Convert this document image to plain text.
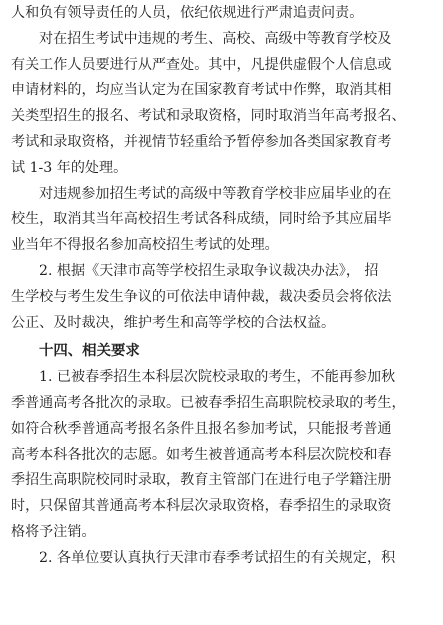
人和负有领导责任的人员，依纪依规进行严肃追责问责。
对在招生考试中违规的考生、高校、高级中等教育学校及
有关工作人员要进行从严查处。其中，凡提供虚假个人信息或
申请材料的，均应当认定为在国家教育考试中作弊，取消其相
关类型招生的报名、考试和录取资格，同时取消当年高考报名、
考试和录取资格，并视情节轻重给予暂停参加各类国家教育考
试 1-3 年的处理。
对违规参加招生考试的高级中等教育学校非应届毕业的在
校生，取消其当年高校招生考试各科成绩，同时给予其应届毕
业当年不得报名参加高校招生考试的处理。
2. 根据《天津市高等学校招生录取争议裁决办法》， 招
生学校与考生发生争议的可依法申请仲裁，裁决委员会将依法
公正、及时裁决，维护考生和高等学校的合法权益。
十四、相关要求
1. 已被春季招生本科层次院校录取的考生，不能再参加秋
季普通高考各批次的录取。已被春季招生高职院校录取的考生，
如符合秋季普通高考报名条件且报名参加考试，只能报考普通
高考本科各批次的志愿。如考生被普通高考本科层次院校和春
季招生高职院校同时录取，教育主管部门在进行电子学籍注册
时，只保留其普通高考本科层次录取资格，春季招生的录取资
格将予注销。
2. 各单位要认真执行天津市春季考试招生的有关规定，积
